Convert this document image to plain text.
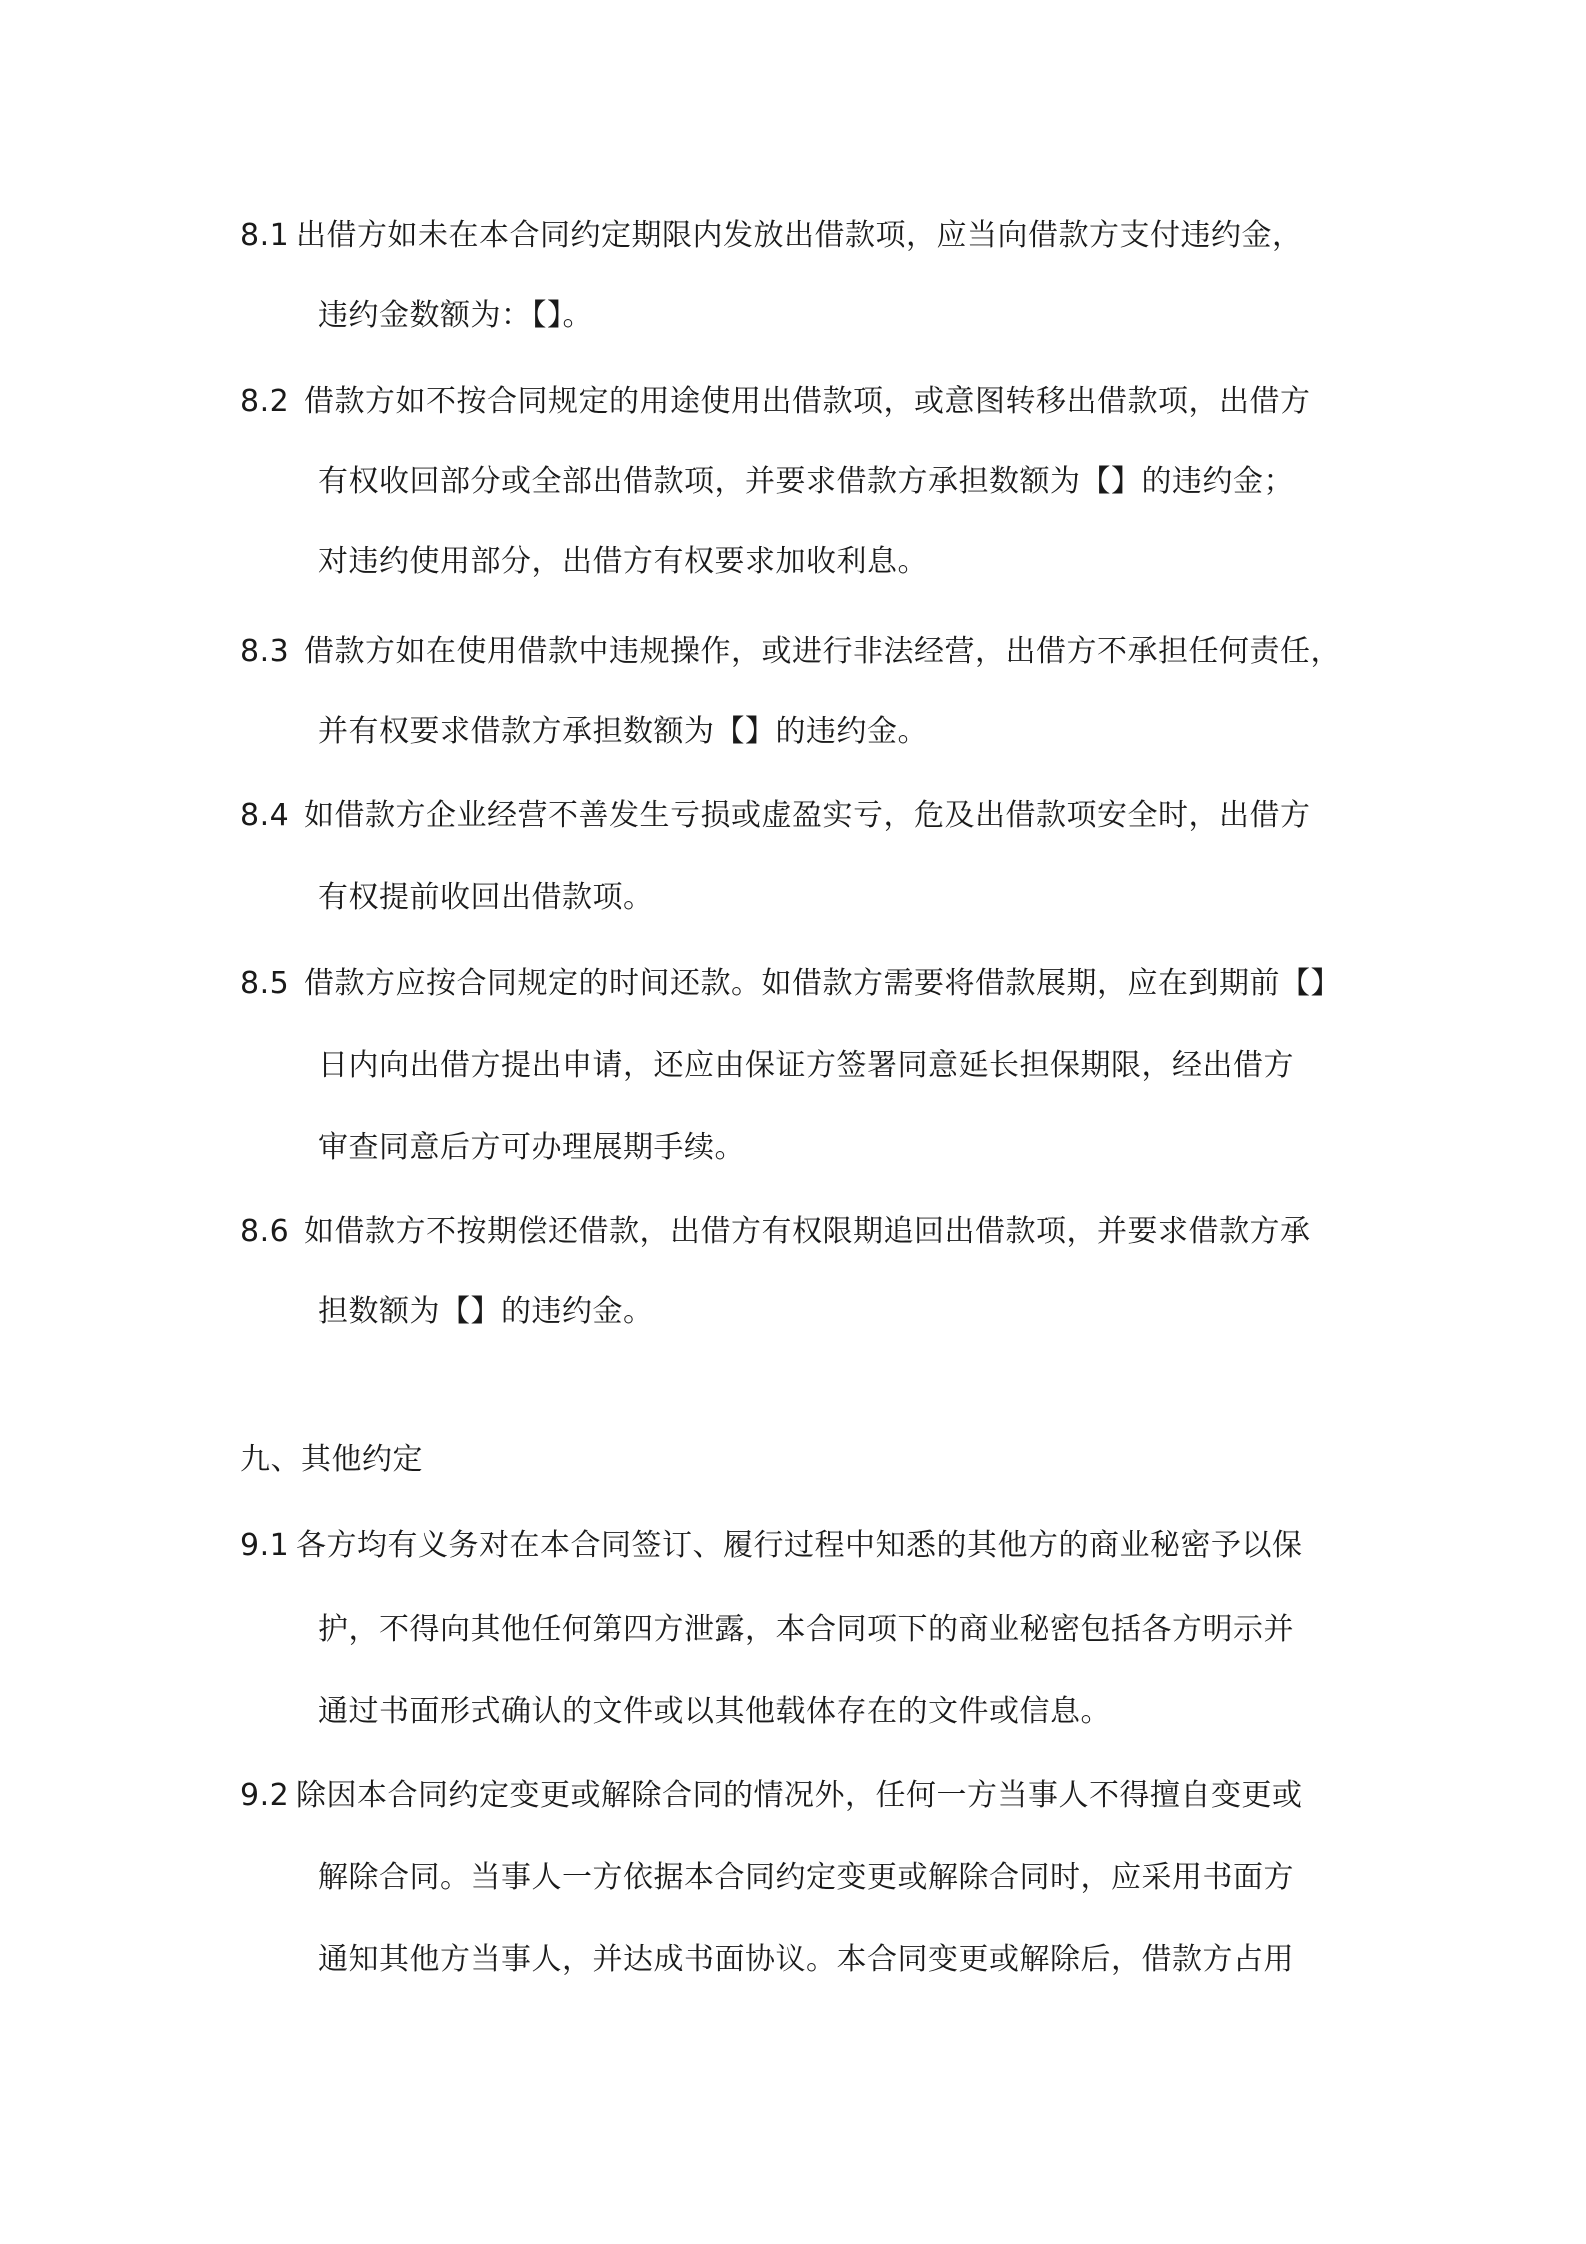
8.1 出借方如未在本合同约定期限内发放出借款项，应当向借款方支付违约金，
违约金数额为：【】。
8.2 借款方如不按合同规定的用途使用出借款项，或意图转移出借款项，出借方
有权收回部分或全部出借款项，并要求借款方承担数额为【】的违约金；
对违约使用部分，出借方有权要求加收利息。
8.3 借款方如在使用借款中违规操作，或进行非法经营，出借方不承担任何责任，
并有权要求借款方承担数额为【】的违约金。
8.4 如借款方企业经营不善发生亏损或虚盈实亏，危及出借款项安全时，出借方
有权提前收回出借款项。
8.5 借款方应按合同规定的时间还款。如借款方需要将借款展期，应在到期前【】
日内向出借方提出申请，还应由保证方签署同意延长担保期限，经出借方
审查同意后方可办理展期手续。
8.6 如借款方不按期偿还借款，出借方有权限期追回出借款项，并要求借款方承
担数额为【】的违约金。
九、其他约定
9.1 各方均有义务对在本合同签订、履行过程中知悉的其他方的商业秘密予以保
护，不得向其他任何第四方泄露，本合同项下的商业秘密包括各方明示并
通过书面形式确认的文件或以其他载体存在的文件或信息。
9.2 除因本合同约定变更或解除合同的情况外，任何一方当事人不得擅自变更或
解除合同。当事人一方依据本合同约定变更或解除合同时，应采用书面方
通知其他方当事人，并达成书面协议。本合同变更或解除后，借款方占用
